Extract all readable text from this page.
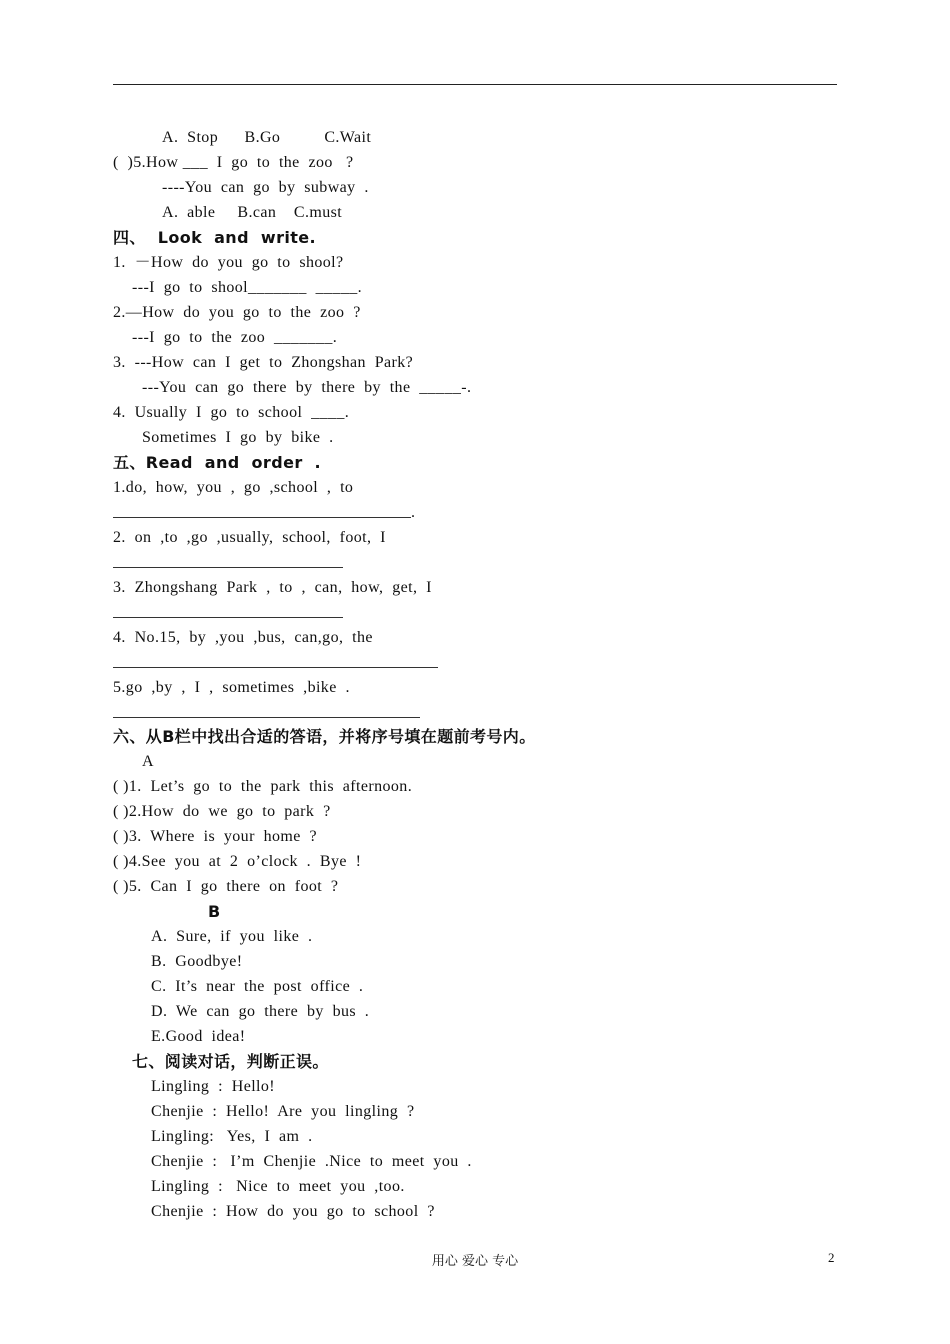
A.  Stop      B.Go          C.Wait
(  )5.How ___  I  go  to  the  zoo   ?
----You  can  go  by  subway  .
A.  able     B.can    C.must
四、  Look  and  write.
1.  －How  do  you  go  to  shool?
---I  go  to  shool_______  _____.
2.—How  do  you  go  to  the  zoo  ?
---I  go  to  the  zoo  _______.
3.  ---How  can  I  get  to  Zhongshan  Park?
---You  can  go  there  by  there  by  the  _____-.
4.  Usually  I  go  to  school  ____.
Sometimes  I  go  by  bike  .
五、Read  and  order  .
1.do,  how,  you  ,  go  ,school  ,  to
.
2.  on  ,to  ,go  ,usually,  school,  foot,  I
3.  Zhongshang  Park  ,  to  ,  can,  how,  get,  I
4.  No.15,  by  ,you  ,bus,  can,go,  the
5.go  ,by  ,  I  ,  sometimes  ,bike  .
六、从B栏中找出合适的答语，并将序号填在题前考号内。
A
( )1.  Let’s  go  to  the  park  this  afternoon.
( )2.How  do  we  go  to  park  ?
( )3.  Where  is  your  home  ?
( )4.See  you  at  2  o’clock  .  Bye  !
( )5.  Can  I  go  there  on  foot  ?
B
A.  Sure,  if  you  like  .
B.  Goodbye!
C.  It’s  near  the  post  office  .
D.  We  can  go  there  by  bus  .
E.Good  idea!
七、阅读对话，判断正误。
Lingling  :  Hello!
Chenjie  :  Hello!  Are  you  lingling  ?
Lingling:   Yes,  I  am  .
Chenjie  :   I’m  Chenjie  .Nice  to  meet  you  .
Lingling  :   Nice  to  meet  you  ,too.
Chenjie  :  How  do  you  go  to  school  ?
用心 爱心 专心	2
